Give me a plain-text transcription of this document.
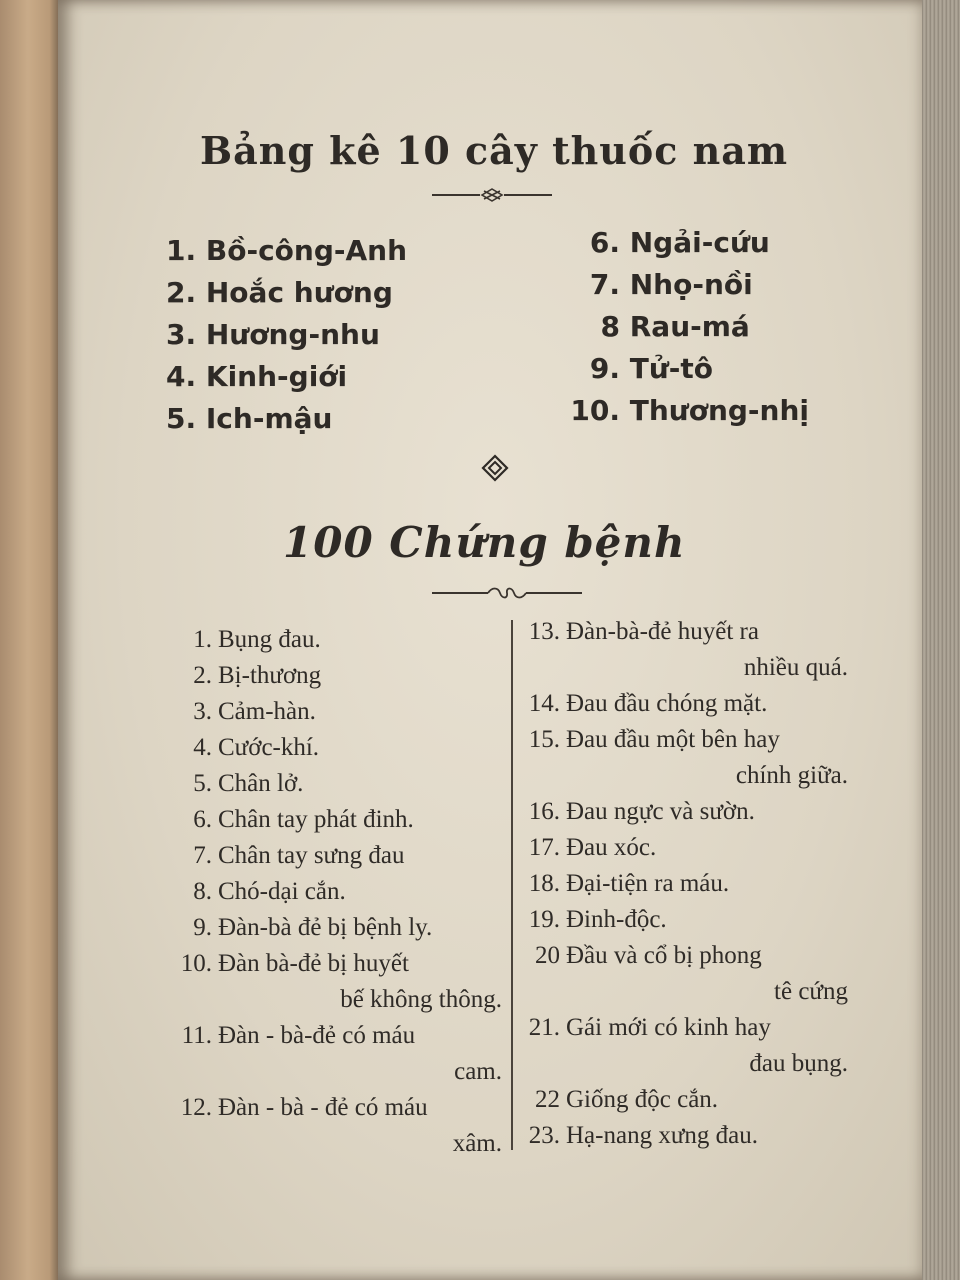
Bảng kê 10 cây thuốc nam
1. Bồ-công-Anh
2. Hoắc hương
3. Hương-nhu
4. Kinh-giới
5. Ich-mậu
6. Ngải-cứu
7. Nhọ-nồi
8 Rau-má
9. Tử-tô
10. Thương-nhị
100 Chứng bệnh
1. Bụng đau.
2. Bị-thương
3. Cảm-hàn.
4. Cước-khí.
5. Chân lở.
6. Chân tay phát đinh.
7. Chân tay sưng đau
8. Chó-dại cắn.
9. Đàn-bà đẻ bị bệnh ly.
10. Đàn bà-đẻ bị huyết
bế không thông.
11. Đàn - bà-đẻ có máu
cam.
12. Đàn - bà - đẻ có máu
xâm.
13. Đàn-bà-đẻ huyết ra
nhiều quá.
14. Đau đầu chóng mặt.
15. Đau đầu một bên hay
chính giữa.
16. Đau ngực và sườn.
17. Đau xóc.
18. Đại-tiện ra máu.
19. Đinh-độc.
20 Đầu và cổ bị phong
tê cứng
21. Gái mới có kinh hay
đau bụng.
22 Giống độc cắn.
23. Hạ-nang xưng đau.
